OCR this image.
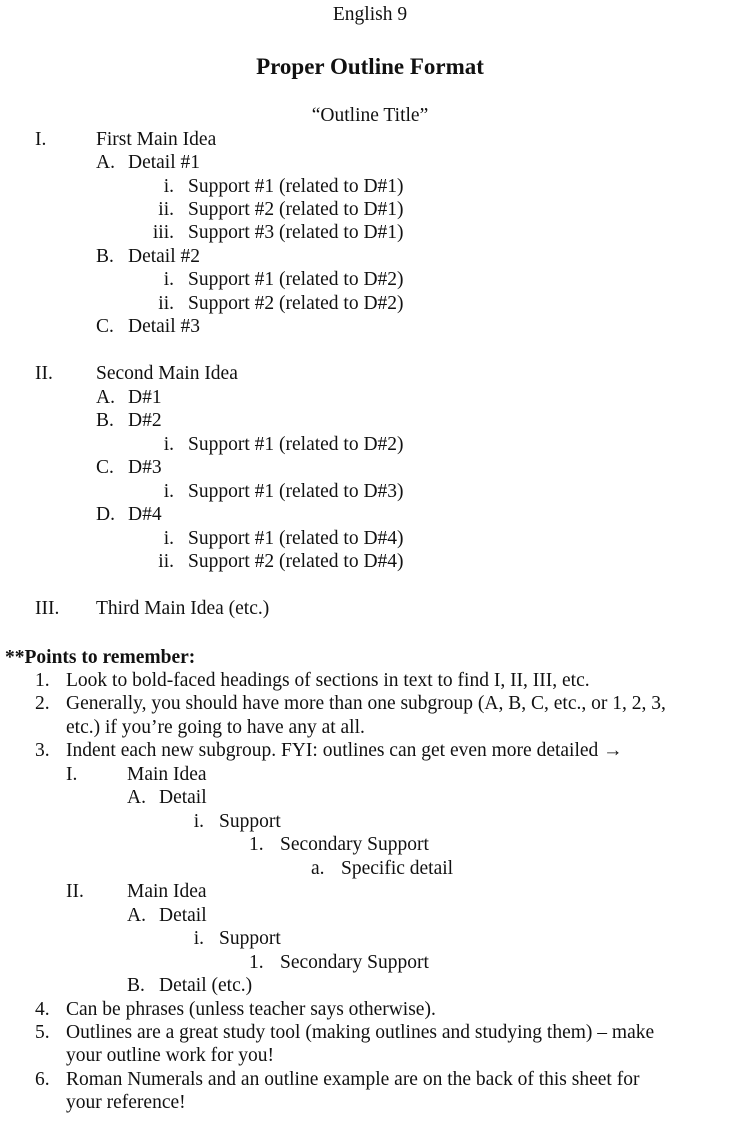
English 9
Proper Outline Format
“Outline Title”
I.	First Main Idea
A. Detail #1
i. Support #1 (related to D#1)
ii. Support #2 (related to D#1)
iii. Support #3 (related to D#1)
B. Detail #2
i. Support #1 (related to D#2)
ii. Support #2 (related to D#2)
C. Detail #3
II. Second Main Idea
A. D#1
B. D#2
i. Support #1 (related to D#2)
C. D#3
i. Support #1 (related to D#3)
D. D#4
i. Support #1 (related to D#4)
ii. Support #2 (related to D#4)
III. Third Main Idea (etc.)
**Points to remember:
1. Look to bold-faced headings of sections in text to find I, II, III, etc.
2. Generally, you should have more than one subgroup (A, B, C, etc., or 1, 2, 3,
etc.) if you’re going to have any at all.
3. Indent each new subgroup. FYI: outlines can get even more detailed →
I.	Main Idea
A. Detail
i. Support
1. Secondary Support
a. Specific detail
II. Main Idea
A. Detail
i. Support
1. Secondary Support
B. Detail (etc.)
4. Can be phrases (unless teacher says otherwise).
5. Outlines are a great study tool (making outlines and studying them) – make
your outline work for you!
6. Roman Numerals and an outline example are on the back of this sheet for
your reference!
